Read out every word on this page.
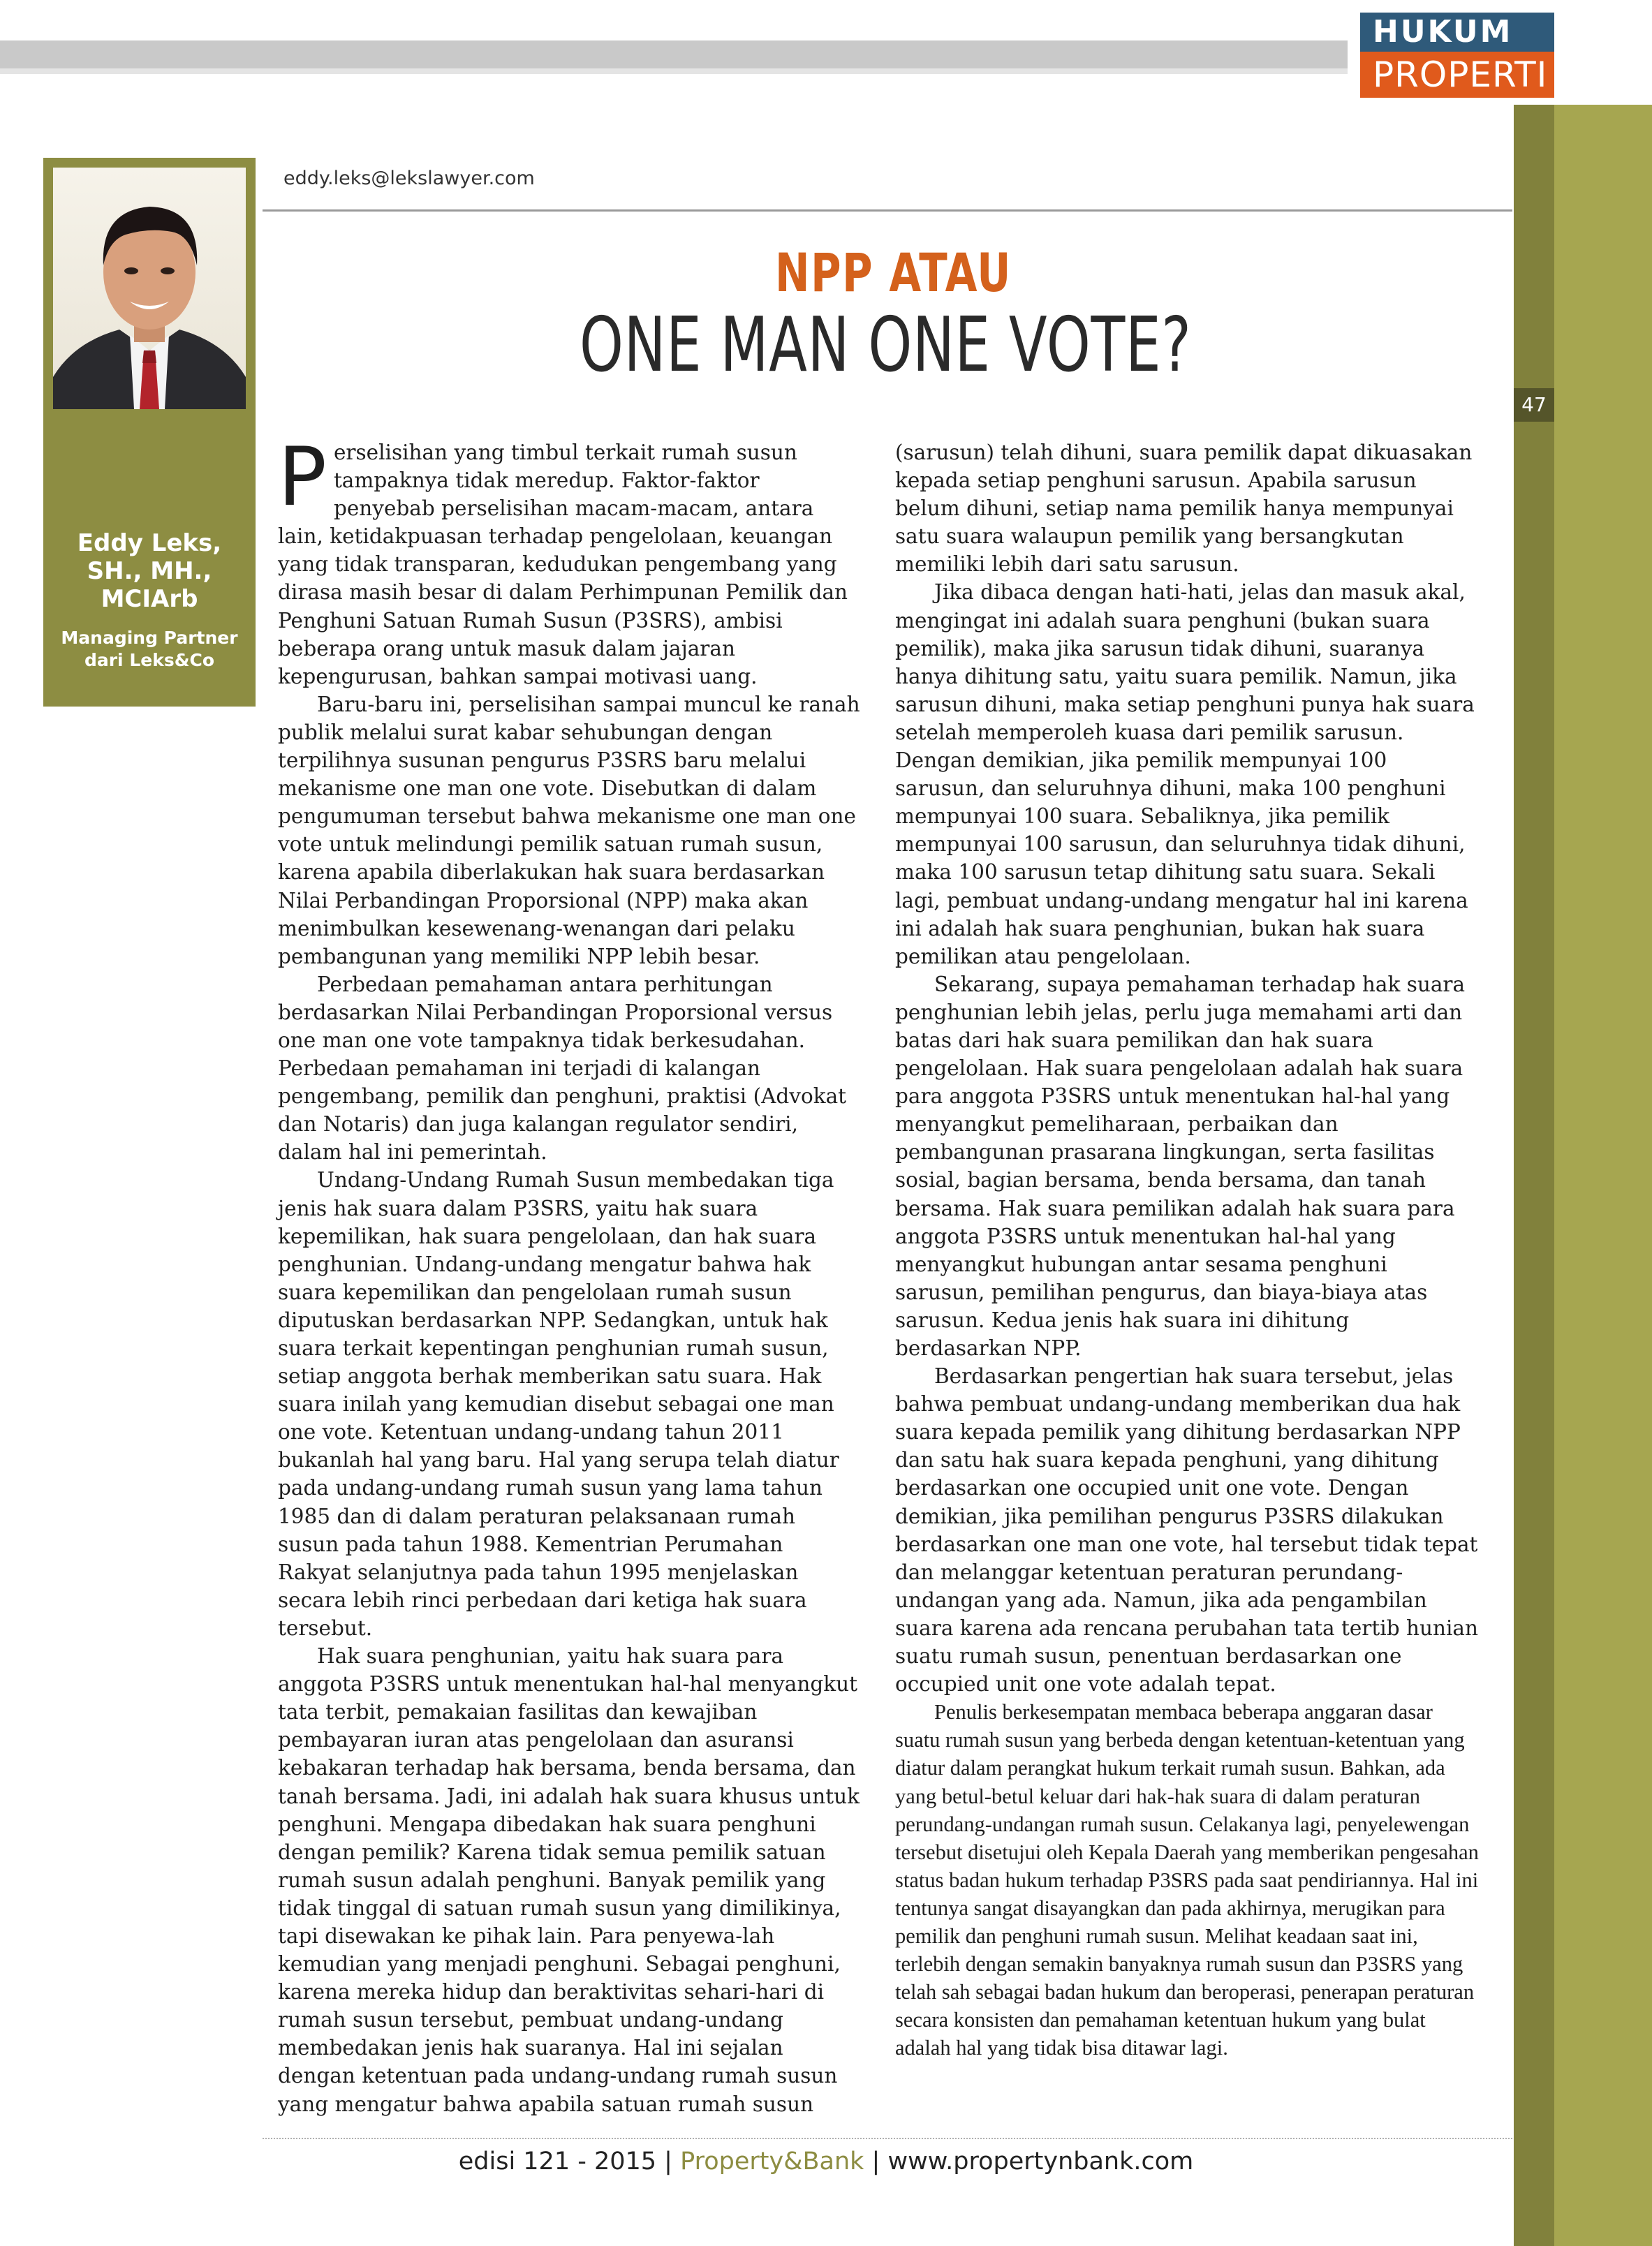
HUKUM
PROPERTI
47
Eddy Leks,
SH., MH.,
MCIArb
Managing Partner
dari Leks&Co
eddy.leks@lekslawyer.com
NPP ATAU
ONE MAN ONE VOTE?

Perselisihan yang timbul terkait rumah susun tampaknya tidak meredup. Faktor-faktor penyebab perselisihan macam-macam, antara lain, ketidakpuasan terhadap pengelolaan, keuangan yang tidak transparan, kedudukan pengembang yang dirasa masih besar di dalam Perhimpunan Pemilik dan Penghuni Satuan Rumah Susun (P3SRS), ambisi beberapa orang untuk masuk dalam jajaran kepengurusan, bahkan sampai motivasi uang.

Baru-baru ini, perselisihan sampai muncul ke ranah publik melalui surat kabar sehubungan dengan terpilihnya susunan pengurus P3SRS baru melalui mekanisme one man one vote. Disebutkan di dalam pengumuman tersebut bahwa mekanisme one man one vote untuk melindungi pemilik satuan rumah susun, karena apabila diberlakukan hak suara berdasarkan Nilai Perbandingan Proporsional (NPP) maka akan menimbulkan kesewenang-wenangan dari pelaku pembangunan yang memiliki NPP lebih besar.

Perbedaan pemahaman antara perhitungan berdasarkan Nilai Perbandingan Proporsional versus one man one vote tampaknya tidak berkesudahan. Perbedaan pemahaman ini terjadi di kalangan pengembang, pemilik dan penghuni, praktisi (Advokat dan Notaris) dan juga kalangan regulator sendiri, dalam hal ini pemerintah.

Undang-Undang Rumah Susun membedakan tiga jenis hak suara dalam P3SRS, yaitu hak suara kepemilikan, hak suara pengelolaan, dan hak suara penghunian. Undang-undang mengatur bahwa hak suara kepemilikan dan pengelolaan rumah susun diputuskan berdasarkan NPP. Sedangkan, untuk hak suara terkait kepentingan penghunian rumah susun, setiap anggota berhak memberikan satu suara. Hak suara inilah yang kemudian disebut sebagai one man one vote. Ketentuan undang-undang tahun 2011 bukanlah hal yang baru. Hal yang serupa telah diatur pada undang-undang rumah susun yang lama tahun 1985 dan di dalam peraturan pelaksanaan rumah susun pada tahun 1988. Kementrian Perumahan Rakyat selanjutnya pada tahun 1995 menjelaskan secara lebih rinci perbedaan dari ketiga hak suara tersebut.

Hak suara penghunian, yaitu hak suara para anggota P3SRS untuk menentukan hal-hal menyangkut tata terbit, pemakaian fasilitas dan kewajiban pembayaran iuran atas pengelolaan dan asuransi kebakaran terhadap hak bersama, benda bersama, dan tanah bersama. Jadi, ini adalah hak suara khusus untuk penghuni. Mengapa dibedakan hak suara penghuni dengan pemilik? Karena tidak semua pemilik satuan rumah susun adalah penghuni. Banyak pemilik yang tidak tinggal di satuan rumah susun yang dimilikinya, tapi disewakan ke pihak lain. Para penyewa-lah kemudian yang menjadi penghuni. Sebagai penghuni, karena mereka hidup dan beraktivitas sehari-hari di rumah susun tersebut, pembuat undang-undang membedakan jenis hak suaranya. Hal ini sejalan dengan ketentuan pada undang-undang rumah susun yang mengatur bahwa apabila satuan rumah susun

(sarusun) telah dihuni, suara pemilik dapat dikuasakan kepada setiap penghuni sarusun. Apabila sarusun belum dihuni, setiap nama pemilik hanya mempunyai satu suara walaupun pemilik yang bersangkutan memiliki lebih dari satu sarusun.

Jika dibaca dengan hati-hati, jelas dan masuk akal, mengingat ini adalah suara penghuni (bukan suara pemilik), maka jika sarusun tidak dihuni, suaranya hanya dihitung satu, yaitu suara pemilik. Namun, jika sarusun dihuni, maka setiap penghuni punya hak suara setelah memperoleh kuasa dari pemilik sarusun. Dengan demikian, jika pemilik mempunyai 100 sarusun, dan seluruhnya dihuni, maka 100 penghuni mempunyai 100 suara. Sebaliknya, jika pemilik mempunyai 100 sarusun, dan seluruhnya tidak dihuni, maka 100 sarusun tetap dihitung satu suara. Sekali lagi, pembuat undang-undang mengatur hal ini karena ini adalah hak suara penghunian, bukan hak suara pemilikan atau pengelolaan.

Sekarang, supaya pemahaman terhadap hak suara penghunian lebih jelas, perlu juga memahami arti dan batas dari hak suara pemilikan dan hak suara pengelolaan. Hak suara pengelolaan adalah hak suara para anggota P3SRS untuk menentukan hal-hal yang menyangkut pemeliharaan, perbaikan dan pembangunan prasarana lingkungan, serta fasilitas sosial, bagian bersama, benda bersama, dan tanah bersama. Hak suara pemilikan adalah hak suara para anggota P3SRS untuk menentukan hal-hal yang menyangkut hubungan antar sesama penghuni sarusun, pemilihan pengurus, dan biaya-biaya atas sarusun. Kedua jenis hak suara ini dihitung berdasarkan NPP.

Berdasarkan pengertian hak suara tersebut, jelas bahwa pembuat undang-undang memberikan dua hak suara kepada pemilik yang dihitung berdasarkan NPP dan satu hak suara kepada penghuni, yang dihitung berdasarkan one occupied unit one vote. Dengan demikian, jika pemilihan pengurus P3SRS dilakukan berdasarkan one man one vote, hal tersebut tidak tepat dan melanggar ketentuan peraturan perundang-undangan yang ada. Namun, jika ada pengambilan suara karena ada rencana perubahan tata tertib hunian suatu rumah susun, penentuan berdasarkan one occupied unit one vote adalah tepat.

Penulis berkesempatan membaca beberapa anggaran dasar suatu rumah susun yang berbeda dengan ketentuan-ketentuan yang diatur dalam perangkat hukum terkait rumah susun. Bahkan, ada yang betul-betul keluar dari hak-hak suara di dalam peraturan perundang-undangan rumah susun. Celakanya lagi, penyelewengan tersebut disetujui oleh Kepala Daerah yang memberikan pengesahan status badan hukum terhadap P3SRS pada saat pendiriannya. Hal ini tentunya sangat disayangkan dan pada akhirnya, merugikan para pemilik dan penghuni rumah susun. Melihat keadaan saat ini, terlebih dengan semakin banyaknya rumah susun dan P3SRS yang telah sah sebagai badan hukum dan beroperasi, penerapan peraturan secara konsisten dan pemahaman ketentuan hukum yang bulat adalah hal yang tidak bisa ditawar lagi.

edisi 121 - 2015 | Property&Bank | www.propertynbank.com
